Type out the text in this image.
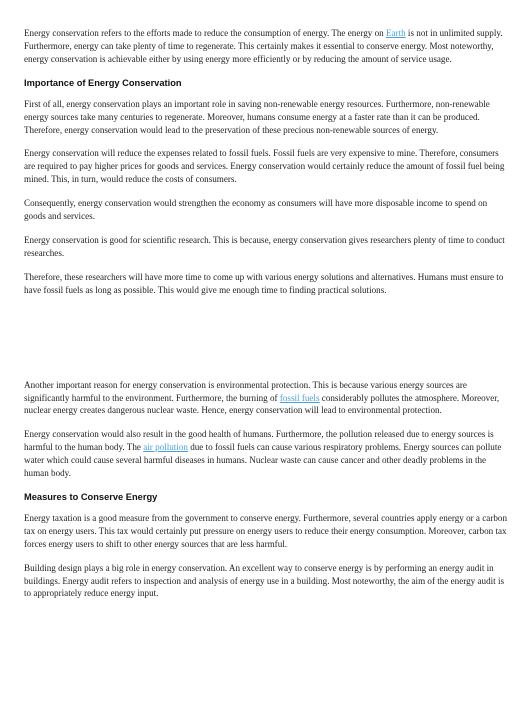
Energy conservation refers to the efforts made to reduce the consumption of energy. The energy on Earth is not in unlimited supply. Furthermore, energy can take plenty of time to regenerate. This certainly makes it essential to conserve energy. Most noteworthy, energy conservation is achievable either by using energy more efficiently or by reducing the amount of service usage.

Importance of Energy Conservation

First of all, energy conservation plays an important role in saving non-renewable energy resources. Furthermore, non-renewable energy sources take many centuries to regenerate. Moreover, humans consume energy at a faster rate than it can be produced. Therefore, energy conservation would lead to the preservation of these precious non-renewable sources of energy.

Energy conservation will reduce the expenses related to fossil fuels. Fossil fuels are very expensive to mine. Therefore, consumers are required to pay higher prices for goods and services. Energy conservation would certainly reduce the amount of fossil fuel being mined. This, in turn, would reduce the costs of consumers.

Consequently, energy conservation would strengthen the economy as consumers will have more disposable income to spend on goods and services.

Energy conservation is good for scientific research. This is because, energy conservation gives researchers plenty of time to conduct researches.

Therefore, these researchers will have more time to come up with various energy solutions and alternatives. Humans must ensure to have fossil fuels as long as possible. This would give me enough time to finding practical solutions.

Another important reason for energy conservation is environmental protection. This is because various energy sources are significantly harmful to the environment. Furthermore, the burning of fossil fuels considerably pollutes the atmosphere. Moreover, nuclear energy creates dangerous nuclear waste. Hence, energy conservation will lead to environmental protection.

Energy conservation would also result in the good health of humans. Furthermore, the pollution released due to energy sources is harmful to the human body. The air pollution due to fossil fuels can cause various respiratory problems. Energy sources can pollute water which could cause several harmful diseases in humans. Nuclear waste can cause cancer and other deadly problems in the human body.

Measures to Conserve Energy

Energy taxation is a good measure from the government to conserve energy. Furthermore, several countries apply energy or a carbon tax on energy users. This tax would certainly put pressure on energy users to reduce their energy consumption. Moreover, carbon tax forces energy users to shift to other energy sources that are less harmful.

Building design plays a big role in energy conservation. An excellent way to conserve energy is by performing an energy audit in buildings. Energy audit refers to inspection and analysis of energy use in a building. Most noteworthy, the aim of the energy audit is to appropriately reduce energy input.
